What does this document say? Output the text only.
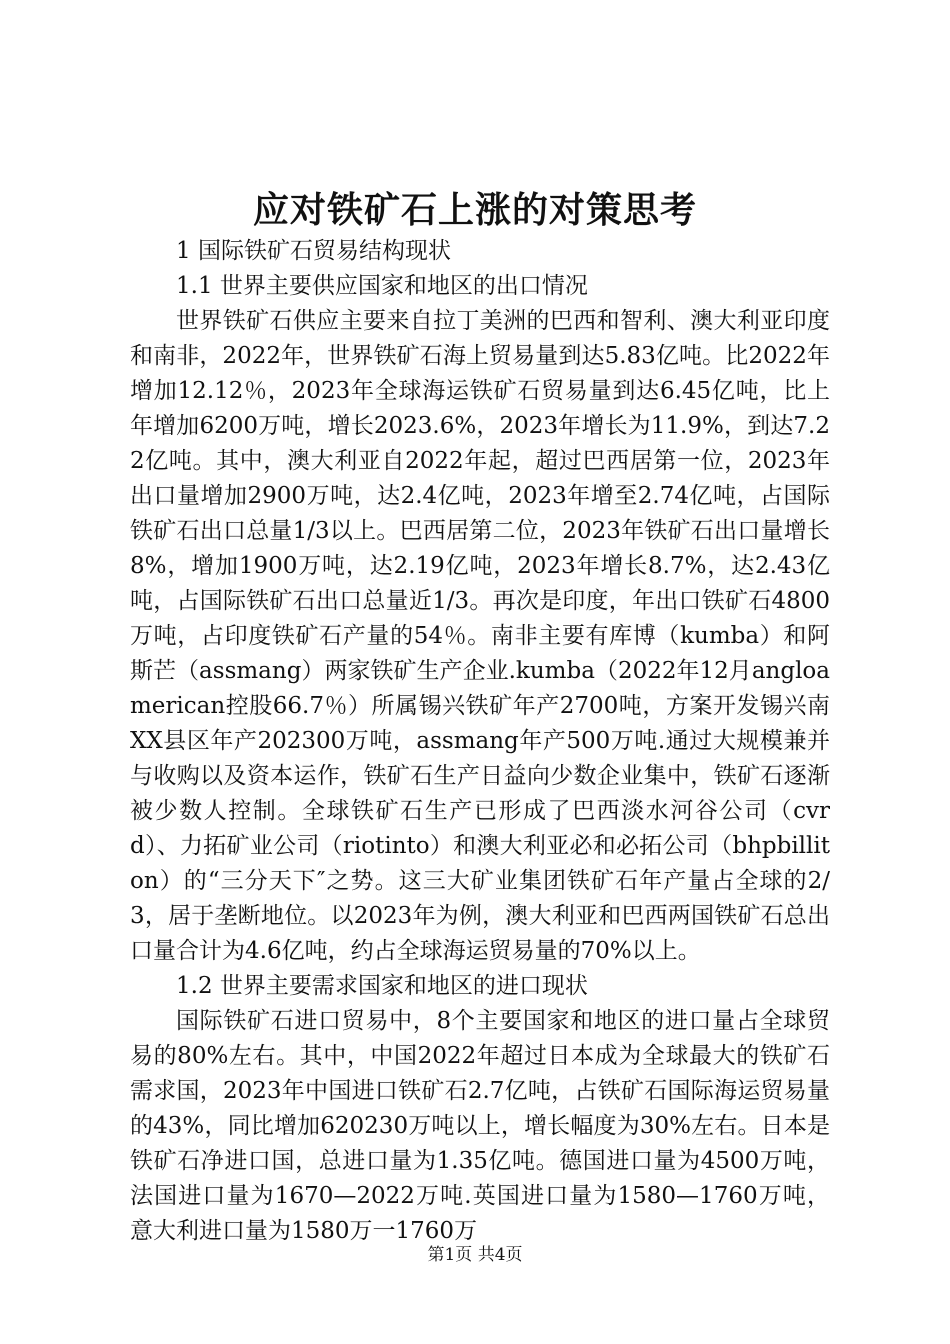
应对铁矿石上涨的对策思考

1 国际铁矿石贸易结构现状

1.1 世界主要供应国家和地区的出口情况

世界铁矿石供应主要来自拉丁美洲的巴西和智利、澳大利亚印度和南非，2022年，世界铁矿石海上贸易量到达5.83亿吨。比2022年增加12.12％，2023年全球海运铁矿石贸易量到达6.45亿吨，比上年增加6200万吨，增长2023.6%，2023年增长为11.9%，到达7.22亿吨。其中，澳大利亚自2022年起，超过巴西居第一位，2023年出口量增加2900万吨，达2.4亿吨，2023年增至2.74亿吨，占国际铁矿石出口总量1/3以上。巴西居第二位，2023年铁矿石出口量增长8%，增加1900万吨，达2.19亿吨，2023年增长8.7%，达2.43亿吨，占国际铁矿石出口总量近1/3。再次是印度，年出口铁矿石4800万吨，占印度铁矿石产量的54％。南非主要有库博（kumba）和阿斯芒（assmang）两家铁矿生产企业.kumba（2022年12月angloamerican控股66.7％）所属锡兴铁矿年产2700吨，方案开发锡兴南XX县区年产202300万吨，assmang年产500万吨.通过大规模兼并与收购以及资本运作，铁矿石生产日益向少数企业集中，铁矿石逐渐被少数人控制。全球铁矿石生产已形成了巴西淡水河谷公司（cvrd）、力拓矿业公司（riotinto）和澳大利亚必和必拓公司（bhpbilliton）的“三分天下″之势。这三大矿业集团铁矿石年产量占全球的2/3，居于垄断地位。以2023年为例，澳大利亚和巴西两国铁矿石总出口量合计为4.6亿吨，约占全球海运贸易量的70%以上。

1.2 世界主要需求国家和地区的进口现状

国际铁矿石进口贸易中，8个主要国家和地区的进口量占全球贸易的80%左右。其中，中国2022年超过日本成为全球最大的铁矿石需求国，2023年中国进口铁矿石2.7亿吨，占铁矿石国际海运贸易量的43%，同比增加620230万吨以上，增长幅度为30%左右。日本是铁矿石净进口国，总进口量为1.35亿吨。德国进口量为4500万吨，法国进口量为1670—2022万吨.英国进口量为1580—1760万吨，意大利进口量为1580万一1760万

第1页 共4页
